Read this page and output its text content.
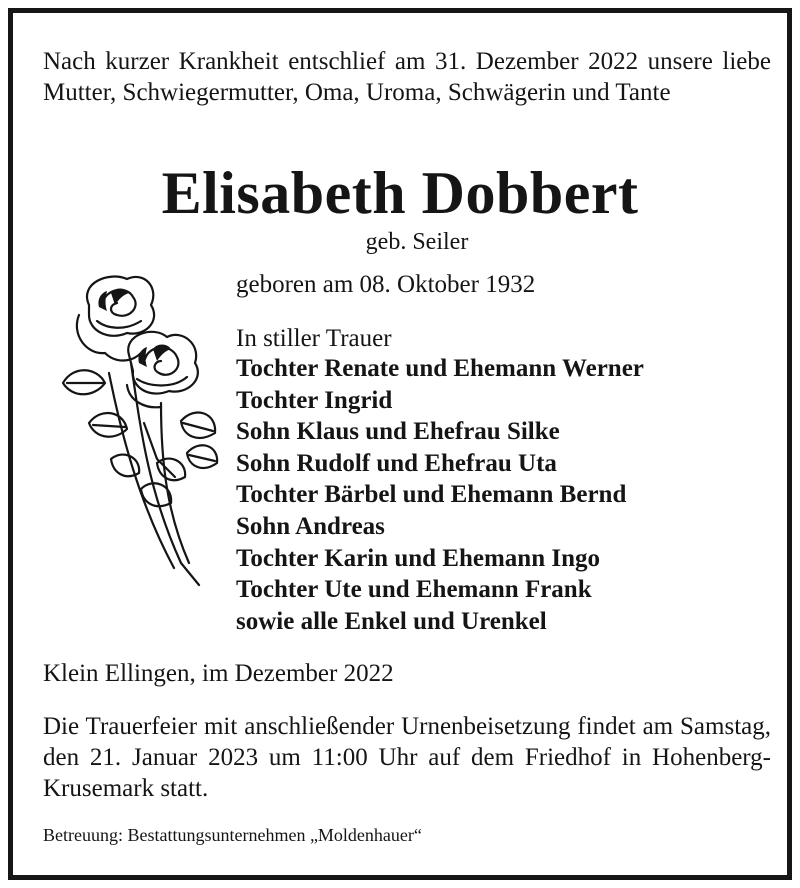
Nach kurzer Krankheit entschlief am 31. Dezember 2022 unsere liebe Mutter, Schwiegermutter, Oma, Uroma, Schwägerin und Tante

Elisabeth Dobbert
geb. Seiler
geboren am 08. Oktober 1932
In stiller Trauer
Tochter Renate und Ehemann Werner
Tochter Ingrid
Sohn Klaus und Ehefrau Silke
Sohn Rudolf und Ehefrau Uta
Tochter Bärbel und Ehemann Bernd
Sohn Andreas
Tochter Karin und Ehemann Ingo
Tochter Ute und Ehemann Frank
sowie alle Enkel und Urenkel
Klein Ellingen, im Dezember 2022

Die Trauerfeier mit anschließender Urnenbeisetzung findet am Samstag, den 21. Januar 2023 um 11:00 Uhr auf dem Friedhof in Hohenberg-Krusemark statt.

Betreuung: Bestattungsunternehmen „Moldenhauer“
